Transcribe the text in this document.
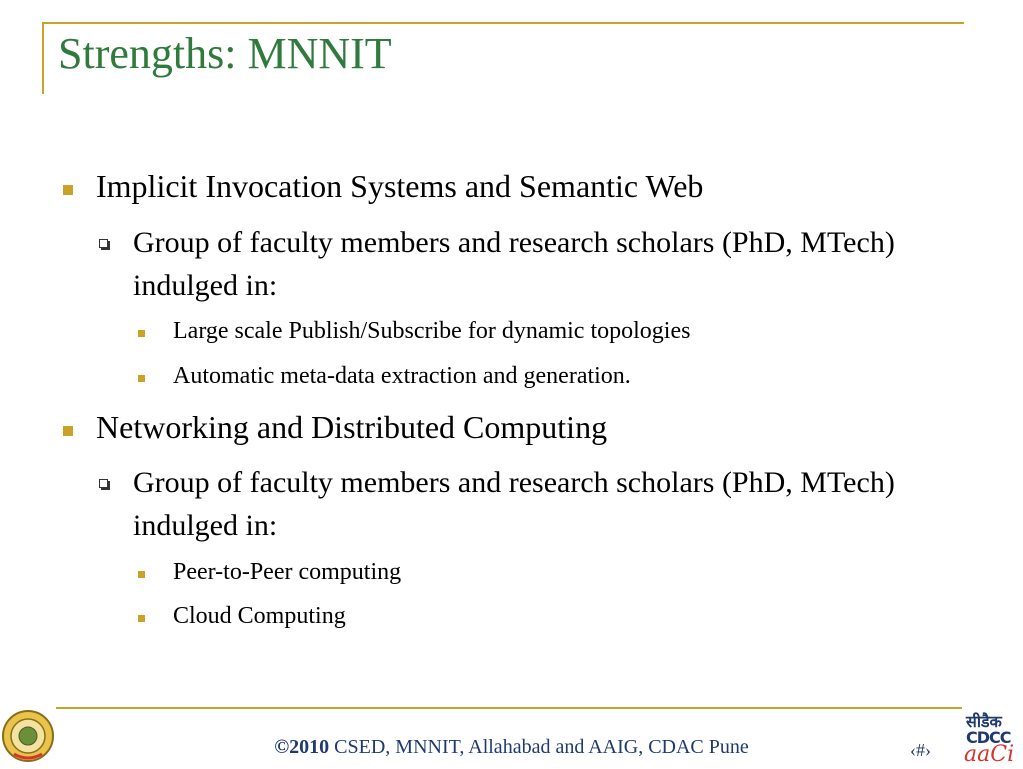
Strengths: MNNIT
Implicit Invocation Systems and Semantic Web
Group of faculty members and research scholars (PhD, MTech) indulged in:
Large scale Publish/Subscribe for dynamic topologies
Automatic meta-data extraction and generation.
Networking and Distributed Computing
Group of faculty members and research scholars (PhD, MTech) indulged in:
Peer-to-Peer computing
Cloud Computing
©2010 CSED, MNNIT, Allahabad and AAIG, CDAC Pune	‹#›
सीडैक
CDCC
aaCi
